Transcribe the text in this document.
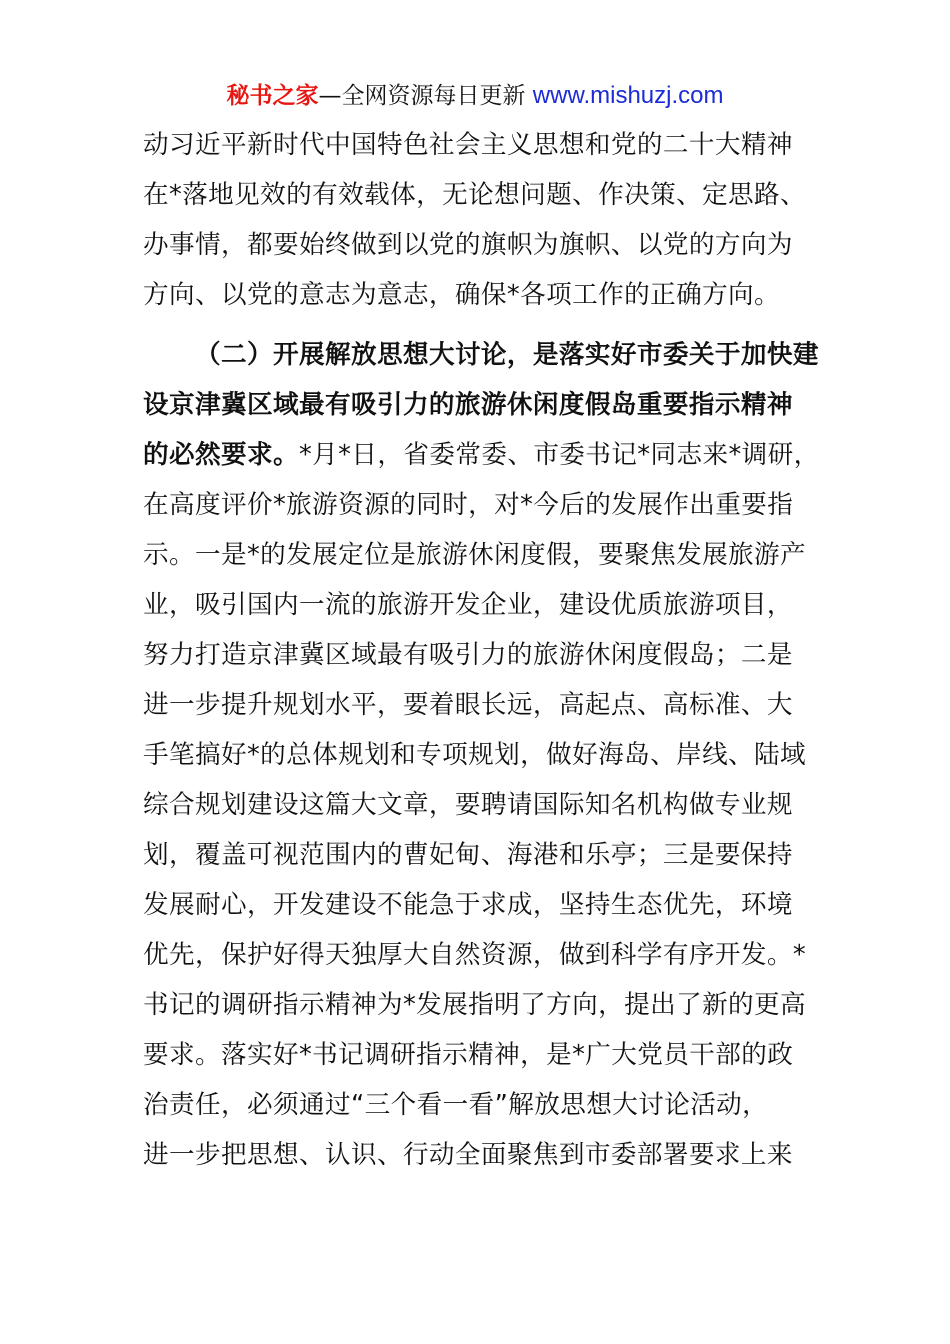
秘书之家—全网资源每日更新 www.mishuzj.com
动习近平新时代中国特色社会主义思想和党的二十大精神
在*落地见效的有效载体，无论想问题、作决策、定思路、
办事情，都要始终做到以党的旗帜为旗帜、以党的方向为
方向、以党的意志为意志，确保*各项工作的正确方向。
（二）开展解放思想大讨论，是落实好市委关于加快建
设京津冀区域最有吸引力的旅游休闲度假岛重要指示精神
的必然要求。*月*日，省委常委、市委书记*同志来*调研，
在高度评价*旅游资源的同时，对*今后的发展作出重要指
示。一是*的发展定位是旅游休闲度假，要聚焦发展旅游产
业，吸引国内一流的旅游开发企业，建设优质旅游项目，
努力打造京津冀区域最有吸引力的旅游休闲度假岛；二是
进一步提升规划水平，要着眼长远，高起点、高标准、大
手笔搞好*的总体规划和专项规划，做好海岛、岸线、陆域
综合规划建设这篇大文章，要聘请国际知名机构做专业规
划，覆盖可视范围内的曹妃甸、海港和乐亭；三是要保持
发展耐心，开发建设不能急于求成，坚持生态优先，环境
优先，保护好得天独厚大自然资源，做到科学有序开发。*
书记的调研指示精神为*发展指明了方向，提出了新的更高
要求。落实好*书记调研指示精神，是*广大党员干部的政
治责任，必须通过“三个看一看”解放思想大讨论活动，
进一步把思想、认识、行动全面聚焦到市委部署要求上来
